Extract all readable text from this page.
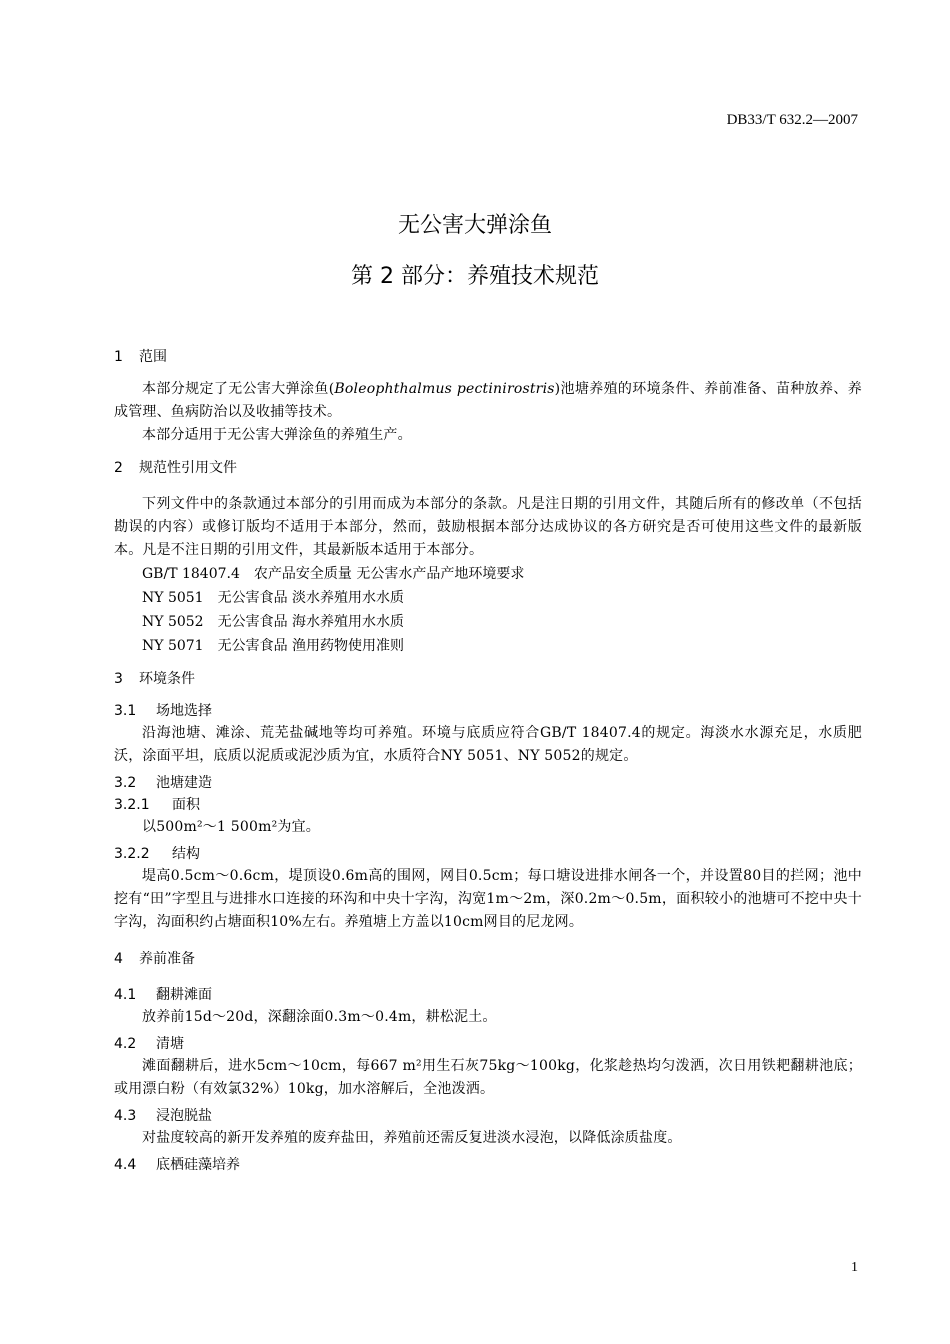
DB33/T 632.2—2007
无公害大弹涂鱼
第 2 部分：养殖技术规范
1 范围
本部分规定了无公害大弹涂鱼(Boleophthalmus pectinirostris)池塘养殖的环境条件、养前准备、苗种放养、养成管理、鱼病防治以及收捕等技术。
本部分适用于无公害大弹涂鱼的养殖生产。
2 规范性引用文件
下列文件中的条款通过本部分的引用而成为本部分的条款。凡是注日期的引用文件，其随后所有的修改单（不包括勘误的内容）或修订版均不适用于本部分，然而，鼓励根据本部分达成协议的各方研究是否可使用这些文件的最新版本。凡是不注日期的引用文件，其最新版本适用于本部分。
GB/T 18407.4 农产品安全质量 无公害水产品产地环境要求
NY 5051 无公害食品 淡水养殖用水水质
NY 5052 无公害食品 海水养殖用水水质
NY 5071 无公害食品 渔用药物使用准则
3 环境条件
3.1 场地选择
沿海池塘、滩涂、荒芜盐碱地等均可养殖。环境与底质应符合GB/T 18407.4的规定。海淡水水源充足，水质肥沃，涂面平坦，底质以泥质或泥沙质为宜，水质符合NY 5051、NY 5052的规定。
3.2 池塘建造
3.2.1 面积
以500m²～1 500m²为宜。
3.2.2 结构
堤高0.5cm～0.6cm，堤顶设0.6m高的围网，网目0.5cm；每口塘设进排水闸各一个，并设置80目的拦网；池中挖有“田”字型且与进排水口连接的环沟和中央十字沟，沟宽1m～2m，深0.2m～0.5m，面积较小的池塘可不挖中央十字沟，沟面积约占塘面积10%左右。养殖塘上方盖以10cm网目的尼龙网。
4 养前准备
4.1 翻耕滩面
放养前15d～20d，深翻涂面0.3m～0.4m，耕松泥土。
4.2 清塘
滩面翻耕后，进水5cm～10cm，每667 m²用生石灰75kg～100kg，化浆趁热均匀泼洒，次日用铁耙翻耕池底；或用漂白粉（有效氯32%）10kg，加水溶解后，全池泼洒。
4.3 浸泡脱盐
对盐度较高的新开发养殖的废弃盐田，养殖前还需反复进淡水浸泡，以降低涂质盐度。
4.4 底栖硅藻培养
1
